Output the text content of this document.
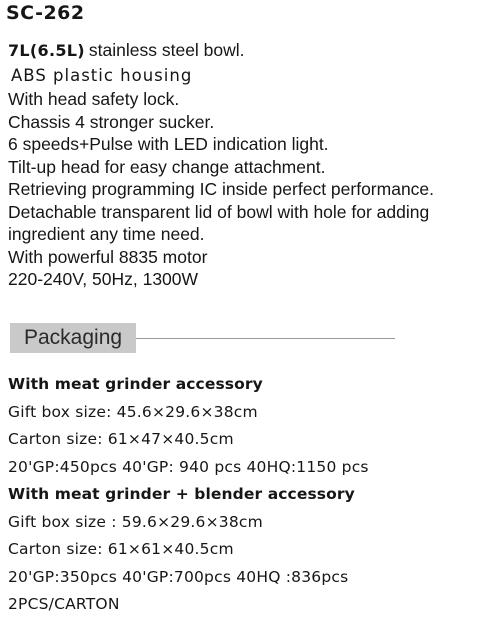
SC-262
7L(6.5L) stainless steel bowl.
ABS plastic housing
With head safety lock.
Chassis 4 stronger sucker.
6 speeds+Pulse with LED indication light.
Tilt-up head for easy change attachment.
Retrieving programming IC inside perfect performance.
Detachable transparent lid of bowl with hole for adding
ingredient any time need.
With powerful 8835 motor
220-240V, 50Hz, 1300W
Packaging
With meat grinder accessory
Gift box size: 45.6×29.6×38cm
Carton size: 61×47×40.5cm
20'GP:450pcs 40'GP: 940 pcs 40HQ:1150 pcs
With meat grinder + blender accessory
Gift box size : 59.6×29.6×38cm
Carton size: 61×61×40.5cm
20'GP:350pcs 40'GP:700pcs 40HQ :836pcs
2PCS/CARTON
